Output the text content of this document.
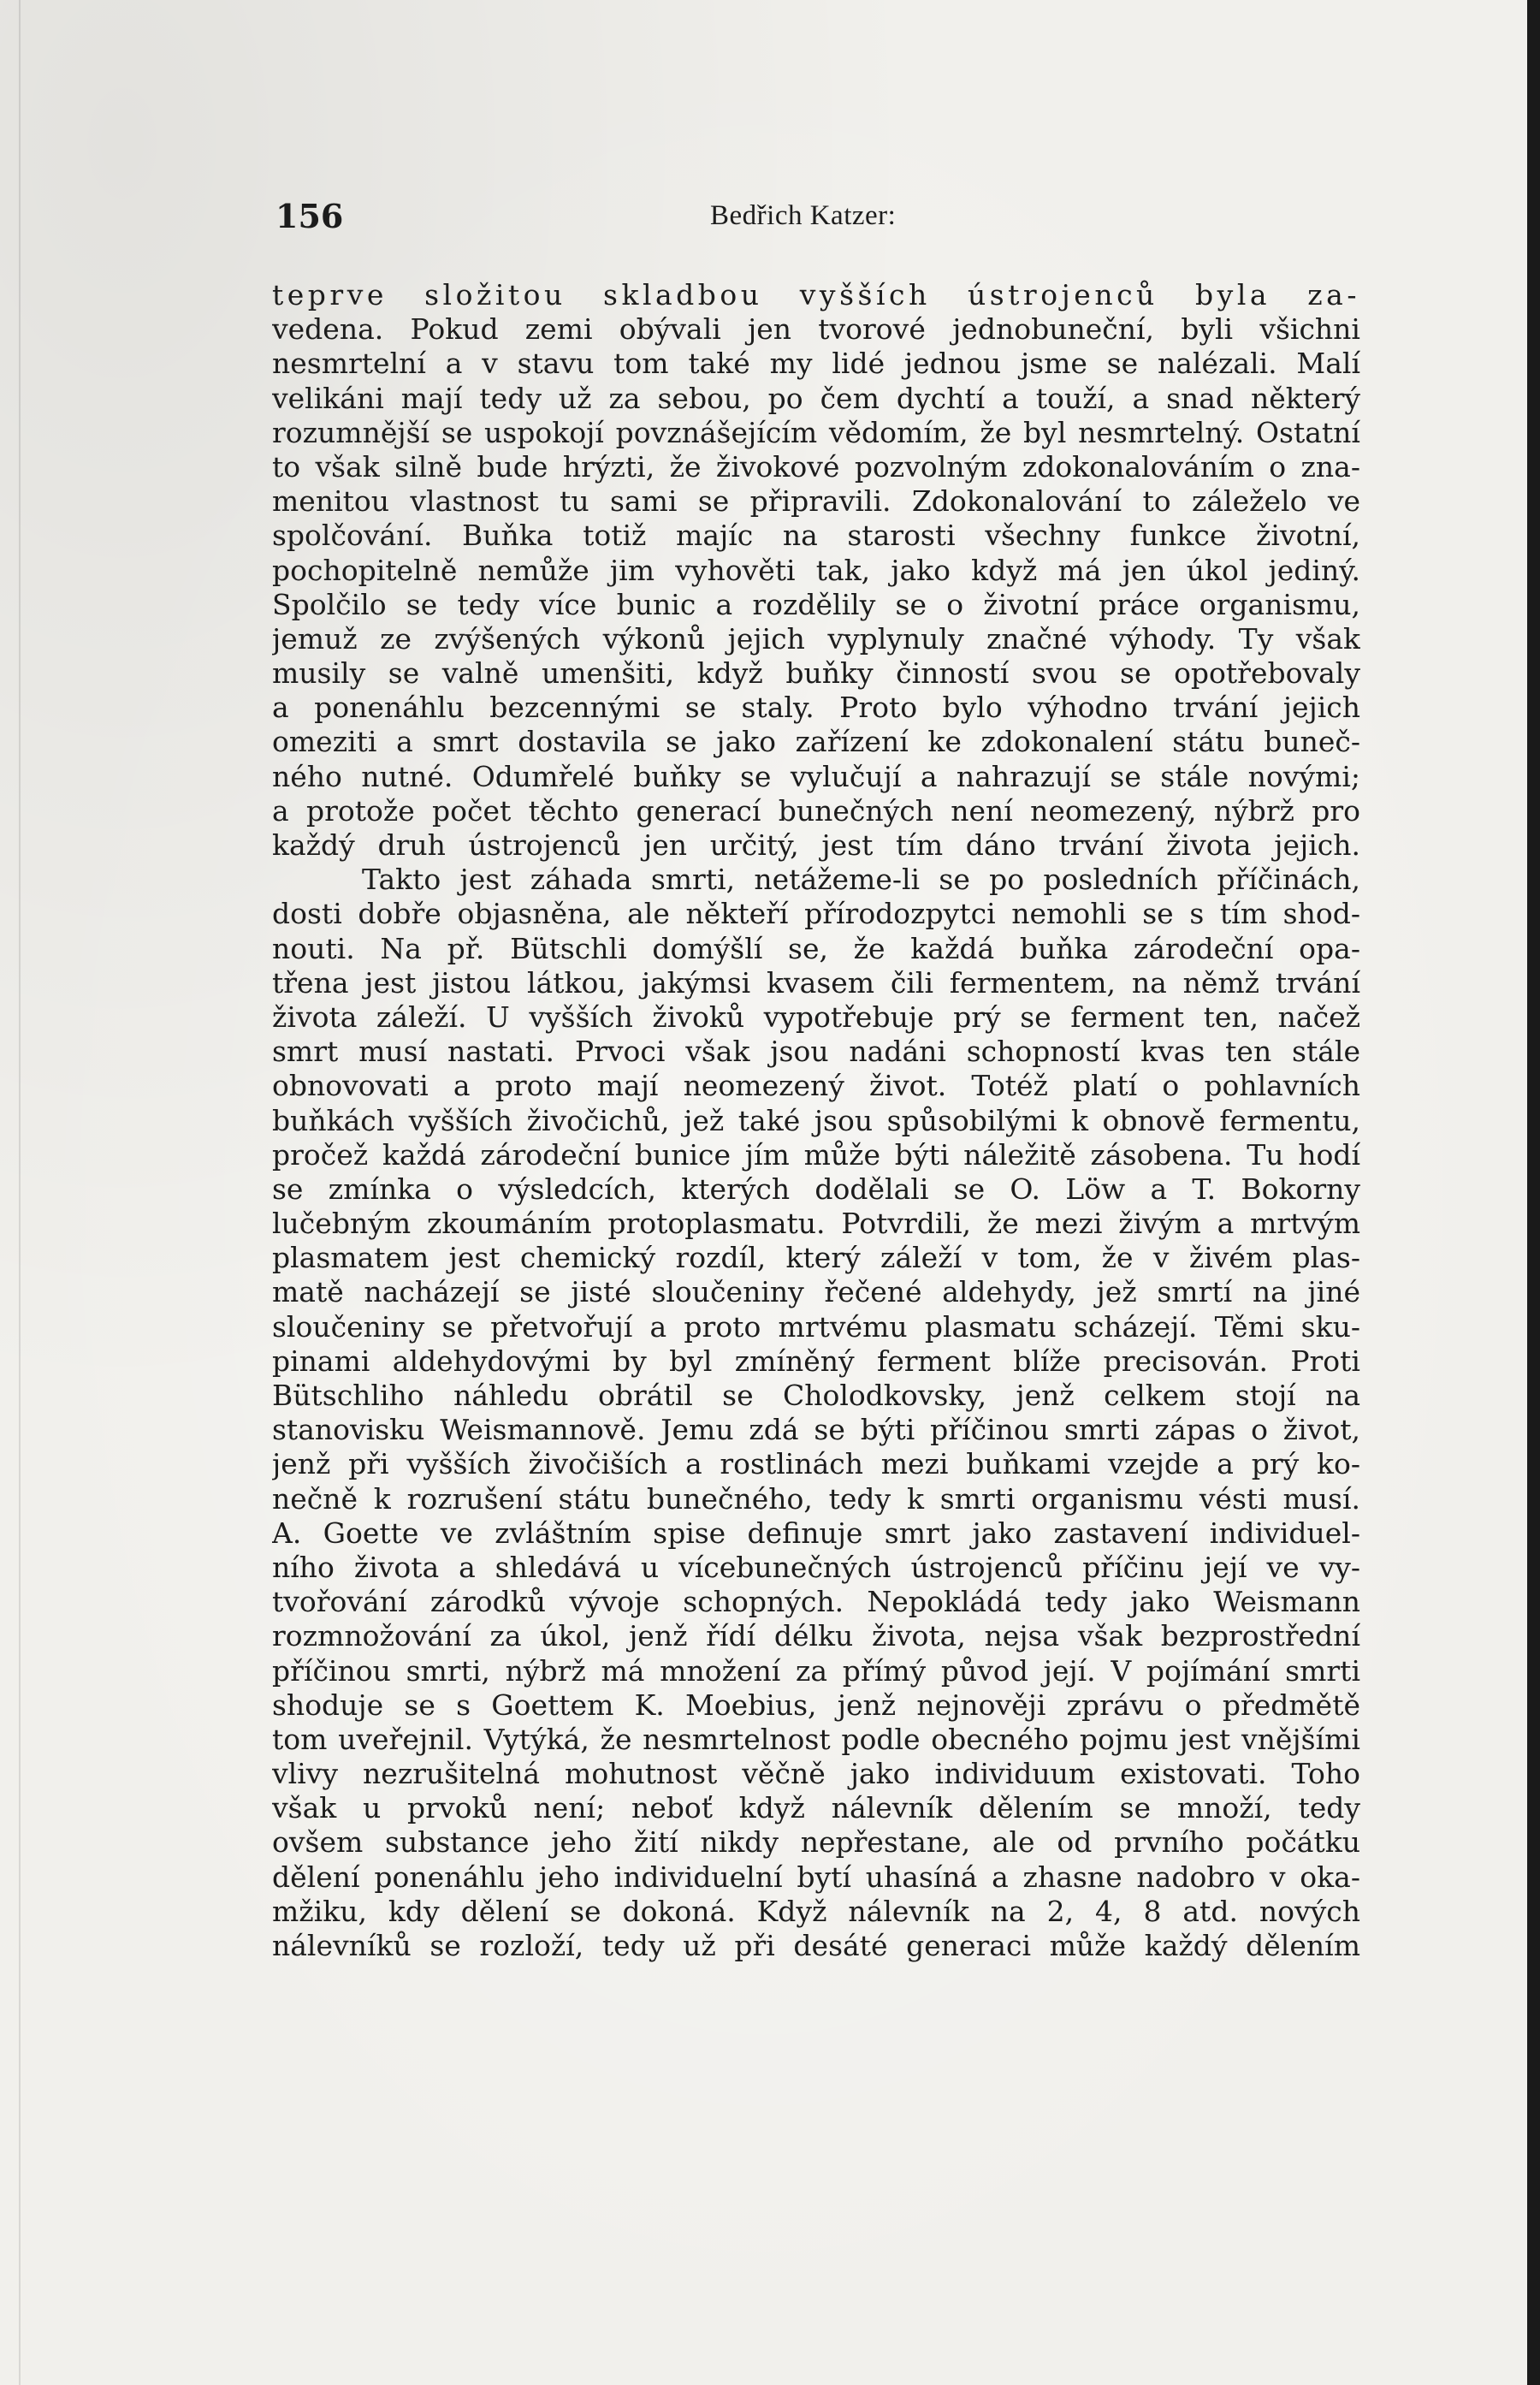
156	Bedřich Katzer:
teprve složitou skladbou vyšších ústrojenců byla za-
vedena. Pokud zemi obývali jen tvorové jednobuneční, byli všichni
nesmrtelní a v stavu tom také my lidé jednou jsme se nalézali. Malí
velikáni mají tedy už za sebou, po čem dychtí a touží, a snad některý
rozumnější se uspokojí povznášejícím vědomím, že byl nesmrtelný. Ostatní
to však silně bude hrýzti, že živokové pozvolným zdokonalováním o zna-
menitou vlastnost tu sami se připravili. Zdokonalování to záleželo ve
spolčování. Buňka totiž majíc na starosti všechny funkce životní,
pochopitelně nemůže jim vyhověti tak, jako když má jen úkol jediný.
Spolčilo se tedy více bunic a rozdělily se o životní práce organismu,
jemuž ze zvýšených výkonů jejich vyplynuly značné výhody. Ty však
musily se valně umenšiti, když buňky činností svou se opotřebovaly
a ponenáhlu bezcennými se staly. Proto bylo výhodno trvání jejich
omeziti a smrt dostavila se jako zařízení ke zdokonalení státu buneč-
ného nutné. Odumřelé buňky se vylučují a nahrazují se stále novými;
a protože počet těchto generací bunečných není neomezený, nýbrž pro
každý druh ústrojenců jen určitý, jest tím dáno trvání života jejich.
Takto jest záhada smrti, netážeme-li se po posledních příčinách,
dosti dobře objasněna, ale někteří přírodozpytci nemohli se s tím shod-
nouti. Na př. Bütschli domýšlí se, že každá buňka zárodeční opa-
třena jest jistou látkou, jakýmsi kvasem čili fermentem, na němž trvání
života záleží. U vyšších živoků vypotřebuje prý se ferment ten, načež
smrt musí nastati. Prvoci však jsou nadáni schopností kvas ten stále
obnovovati a proto mají neomezený život. Totéž platí o pohlavních
buňkách vyšších živočichů, jež také jsou spůsobilými k obnově fermentu,
pročež každá zárodeční bunice jím může býti náležitě zásobena. Tu hodí
se zmínka o výsledcích, kterých dodělali se O. Löw a T. Bokorny
lučebným zkoumáním protoplasmatu. Potvrdili, že mezi živým a mrtvým
plasmatem jest chemický rozdíl, který záleží v tom, že v živém plas-
matě nacházejí se jisté sloučeniny řečené aldehydy, jež smrtí na jiné
sloučeniny se přetvořují a proto mrtvému plasmatu scházejí. Těmi sku-
pinami aldehydovými by byl zmíněný ferment blíže precisován. Proti
Bütschliho náhledu obrátil se Cholodkovsky, jenž celkem stojí na
stanovisku Weismannově. Jemu zdá se býti příčinou smrti zápas o život,
jenž při vyšších živočiších a rostlinách mezi buňkami vzejde a prý ko-
nečně k rozrušení státu bunečného, tedy k smrti organismu vésti musí.
A. Goette ve zvláštním spise definuje smrt jako zastavení individuel-
ního života a shledává u vícebunečných ústrojenců příčinu její ve vy-
tvořování zárodků vývoje schopných. Nepokládá tedy jako Weismann
rozmnožování za úkol, jenž řídí délku života, nejsa však bezprostřední
příčinou smrti, nýbrž má množení za přímý původ její. V pojímání smrti
shoduje se s Goettem K. Moebius, jenž nejnověji zprávu o předmětě
tom uveřejnil. Vytýká, že nesmrtelnost podle obecného pojmu jest vnějšími
vlivy nezrušitelná mohutnost věčně jako individuum existovati. Toho
však u prvoků není; neboť když nálevník dělením se množí, tedy
ovšem substance jeho žití nikdy nepřestane, ale od prvního počátku
dělení ponenáhlu jeho individuelní bytí uhasíná a zhasne nadobro v oka-
mžiku, kdy dělení se dokoná. Když nálevník na 2, 4, 8 atd. nových
nálevníků se rozloží, tedy už při desáté generaci může každý dělením
